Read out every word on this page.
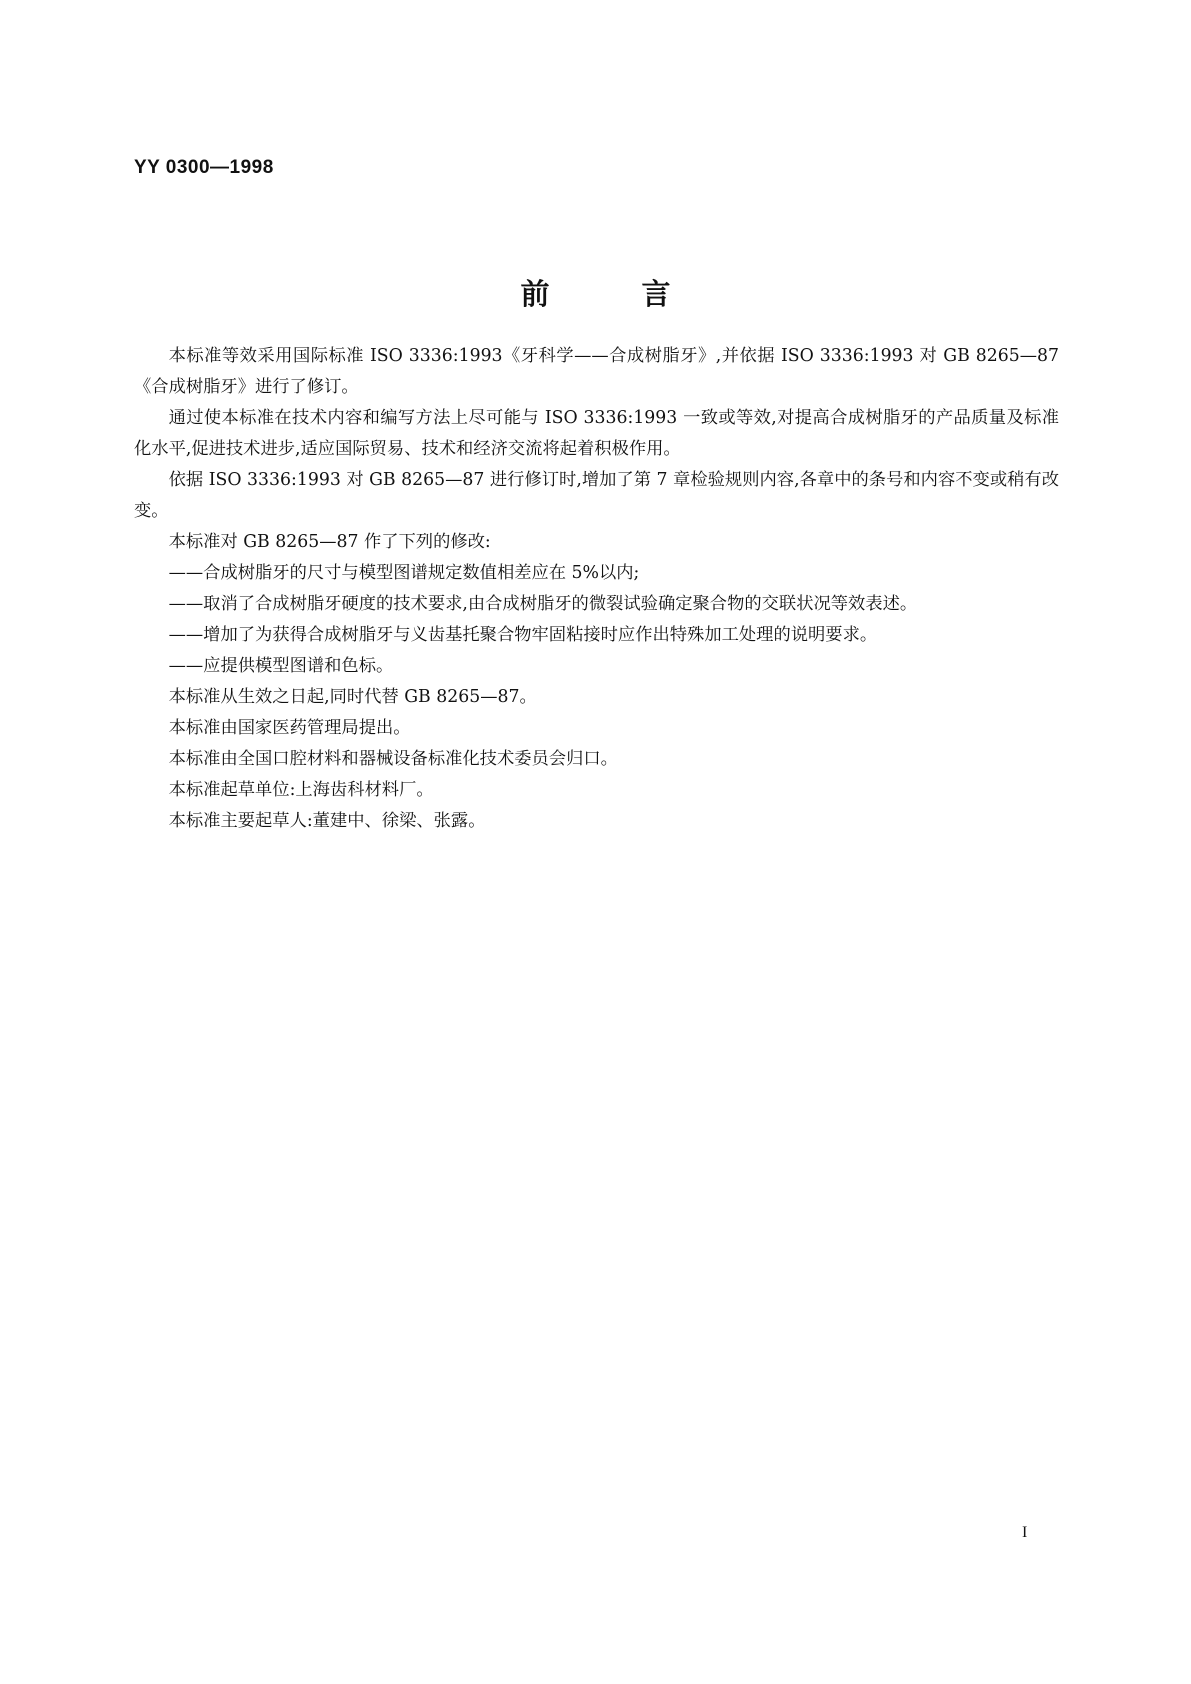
YY 0300—1998
前言

本标准等效采用国际标准 ISO 3336:1993《牙科学——合成树脂牙》,并依据 ISO 3336:1993 对 GB 8265—87《合成树脂牙》进行了修订。

通过使本标准在技术内容和编写方法上尽可能与 ISO 3336:1993 一致或等效,对提高合成树脂牙的产品质量及标准化水平,促进技术进步,适应国际贸易、技术和经济交流将起着积极作用。

依据 ISO 3336:1993 对 GB 8265—87 进行修订时,增加了第 7 章检验规则内容,各章中的条号和内容不变或稍有改变。

本标准对 GB 8265—87 作了下列的修改:

——合成树脂牙的尺寸与模型图谱规定数值相差应在 5%以内;

——取消了合成树脂牙硬度的技术要求,由合成树脂牙的微裂试验确定聚合物的交联状况等效表述。

——增加了为获得合成树脂牙与义齿基托聚合物牢固粘接时应作出特殊加工处理的说明要求。

——应提供模型图谱和色标。

本标准从生效之日起,同时代替 GB 8265—87。

本标准由国家医药管理局提出。

本标准由全国口腔材料和器械设备标准化技术委员会归口。

本标准起草单位:上海齿科材料厂。

本标准主要起草人:董建中、徐梁、张露。

I
